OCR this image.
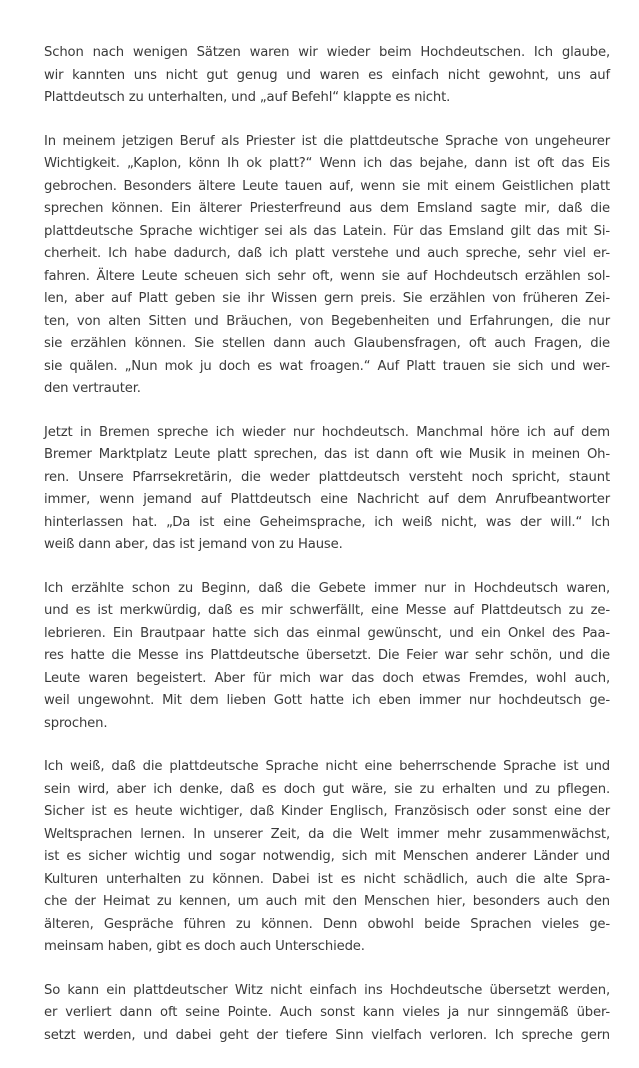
Schon nach wenigen Sätzen waren wir wieder beim Hochdeutschen. Ich glaube,
wir kannten uns nicht gut genug und waren es einfach nicht gewohnt, uns auf
Plattdeutsch zu unterhalten, und „auf Befehl“ klappte es nicht.
In meinem jetzigen Beruf als Priester ist die plattdeutsche Sprache von ungeheurer
Wichtigkeit. „Kaplon, könn Ih ok platt?“ Wenn ich das bejahe, dann ist oft das Eis
gebrochen. Besonders ältere Leute tauen auf, wenn sie mit einem Geistlichen platt
sprechen können. Ein älterer Priesterfreund aus dem Emsland sagte mir, daß die
plattdeutsche Sprache wichtiger sei als das Latein. Für das Emsland gilt das mit Si-
cherheit. Ich habe dadurch, daß ich platt verstehe und auch spreche, sehr viel er-
fahren. Ältere Leute scheuen sich sehr oft, wenn sie auf Hochdeutsch erzählen sol-
len, aber auf Platt geben sie ihr Wissen gern preis. Sie erzählen von früheren Zei-
ten, von alten Sitten und Bräuchen, von Begebenheiten und Erfahrungen, die nur
sie erzählen können. Sie stellen dann auch Glaubensfragen, oft auch Fragen, die
sie quälen. „Nun mok ju doch es wat froagen.“ Auf Platt trauen sie sich und wer-
den vertrauter.
Jetzt in Bremen spreche ich wieder nur hochdeutsch. Manchmal höre ich auf dem
Bremer Marktplatz Leute platt sprechen, das ist dann oft wie Musik in meinen Oh-
ren. Unsere Pfarrsekretärin, die weder plattdeutsch versteht noch spricht, staunt
immer, wenn jemand auf Plattdeutsch eine Nachricht auf dem Anrufbeantworter
hinterlassen hat. „Da ist eine Geheimsprache, ich weiß nicht, was der will.“ Ich
weiß dann aber, das ist jemand von zu Hause.
Ich erzählte schon zu Beginn, daß die Gebete immer nur in Hochdeutsch waren,
und es ist merkwürdig, daß es mir schwerfällt, eine Messe auf Plattdeutsch zu ze-
lebrieren. Ein Brautpaar hatte sich das einmal gewünscht, und ein Onkel des Paa-
res hatte die Messe ins Plattdeutsche übersetzt. Die Feier war sehr schön, und die
Leute waren begeistert. Aber für mich war das doch etwas Fremdes, wohl auch,
weil ungewohnt. Mit dem lieben Gott hatte ich eben immer nur hochdeutsch ge-
sprochen.
Ich weiß, daß die plattdeutsche Sprache nicht eine beherrschende Sprache ist und
sein wird, aber ich denke, daß es doch gut wäre, sie zu erhalten und zu pflegen.
Sicher ist es heute wichtiger, daß Kinder Englisch, Französisch oder sonst eine der
Weltsprachen lernen. In unserer Zeit, da die Welt immer mehr zusammenwächst,
ist es sicher wichtig und sogar notwendig, sich mit Menschen anderer Länder und
Kulturen unterhalten zu können. Dabei ist es nicht schädlich, auch die alte Spra-
che der Heimat zu kennen, um auch mit den Menschen hier, besonders auch den
älteren, Gespräche führen zu können. Denn obwohl beide Sprachen vieles ge-
meinsam haben, gibt es doch auch Unterschiede.
So kann ein plattdeutscher Witz nicht einfach ins Hochdeutsche übersetzt werden,
er verliert dann oft seine Pointe. Auch sonst kann vieles ja nur sinngemäß über-
setzt werden, und dabei geht der tiefere Sinn vielfach verloren. Ich spreche gern
